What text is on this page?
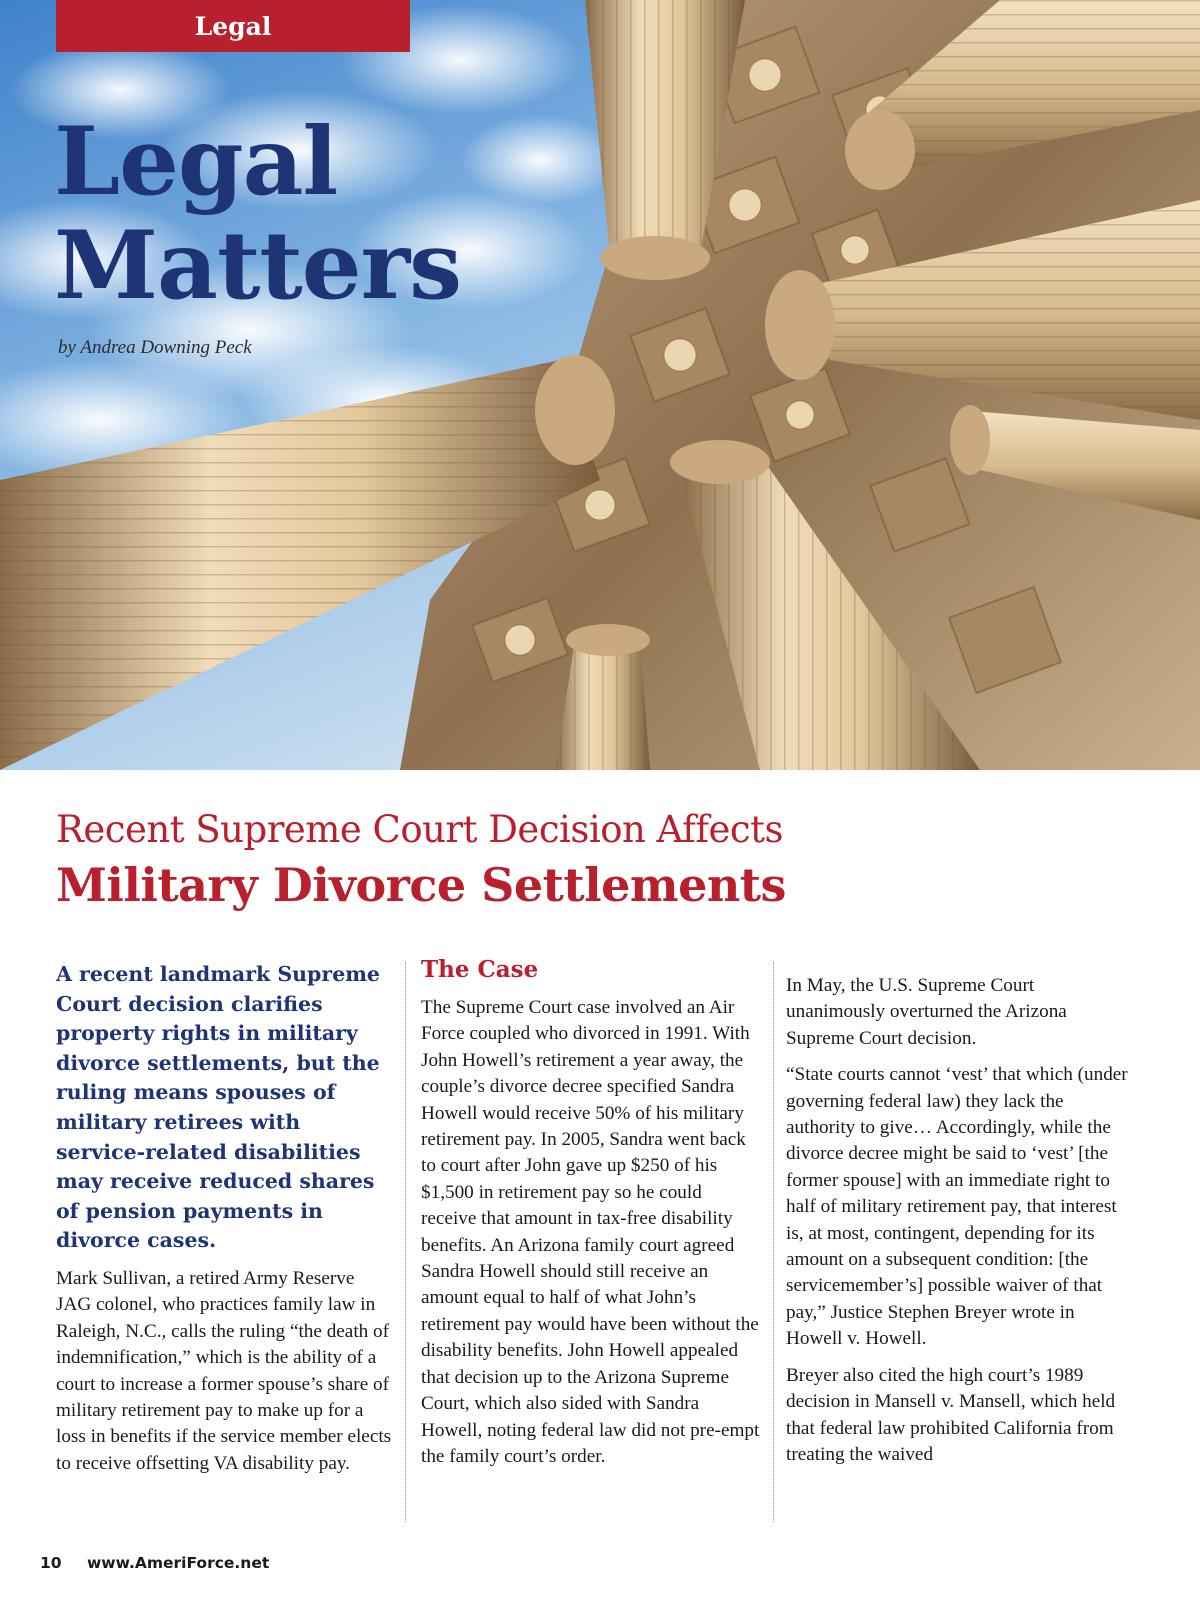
Legal
Legal
Matters
by Andrea Downing Peck
Recent Supreme Court Decision Affects
Military Divorce Settlements

A recent landmark Supreme Court decision clarifies property rights in military divorce settlements, but the ruling means spouses of military retirees with service-related disabilities may receive reduced shares of pension payments in divorce cases.

Mark Sullivan, a retired Army Reserve JAG colonel, who practices family law in Raleigh, N.C., calls the ruling “the death of indemnification,” which is the ability of a court to increase a former spouse’s share of military retirement pay to make up for a loss in benefits if the service member elects to receive offsetting VA disability pay.

The Case

The Supreme Court case involved an Air Force coupled who divorced in 1991. With John Howell’s retirement a year away, the couple’s divorce decree specified Sandra Howell would receive 50% of his military retirement pay. In 2005, Sandra went back to court after John gave up $250 of his $1,500 in retirement pay so he could receive that amount in tax-free disability benefits. An Arizona family court agreed Sandra Howell should still receive an amount equal to half of what John’s retirement pay would have been without the disability benefits. John Howell appealed that decision up to the Arizona Supreme Court, which also sided with Sandra Howell, noting federal law did not pre-empt the family court’s order.

In May, the U.S. Supreme Court unanimously overturned the Arizona Supreme Court decision.

“State courts cannot ‘vest’ that which (under governing federal law) they lack the authority to give… Accordingly, while the divorce decree might be said to ‘vest’ [the former spouse] with an immediate right to half of military retirement pay, that interest is, at most, contingent, depending for its amount on a subsequent condition: [the servicemember’s] possible waiver of that pay,” Justice Stephen Breyer wrote in Howell v. Howell.

Breyer also cited the high court’s 1989 decision in Mansell v. Mansell, which held that federal law prohibited California from treating the waived

10 www.AmeriForce.net
